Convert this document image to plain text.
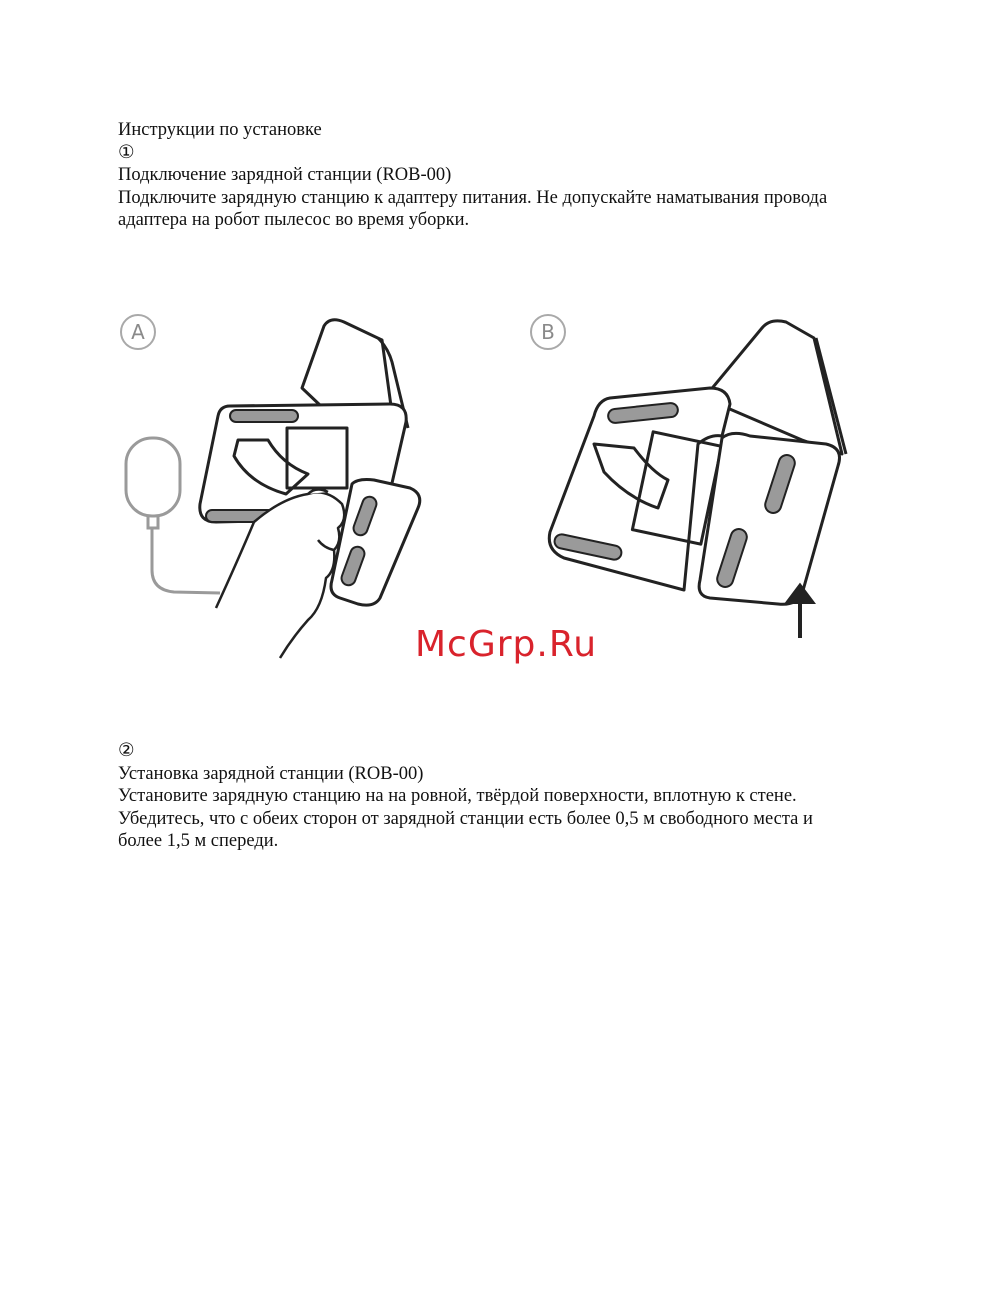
Инструкции по установке
①
Подключение зарядной станции (ROB-00)
Подключите зарядную станцию к адаптеру питания. Не допускайте наматывания провода
адаптера на робот пылесос во время уборки.
A	B
McGrp.Ru
②
Установка зарядной станции (ROB-00)
Установите зарядную станцию на на ровной, твёрдой поверхности, вплотную к стене.
Убедитесь, что с обеих сторон от зарядной станции есть более 0,5 м свободного места и
более 1,5 м спереди.
